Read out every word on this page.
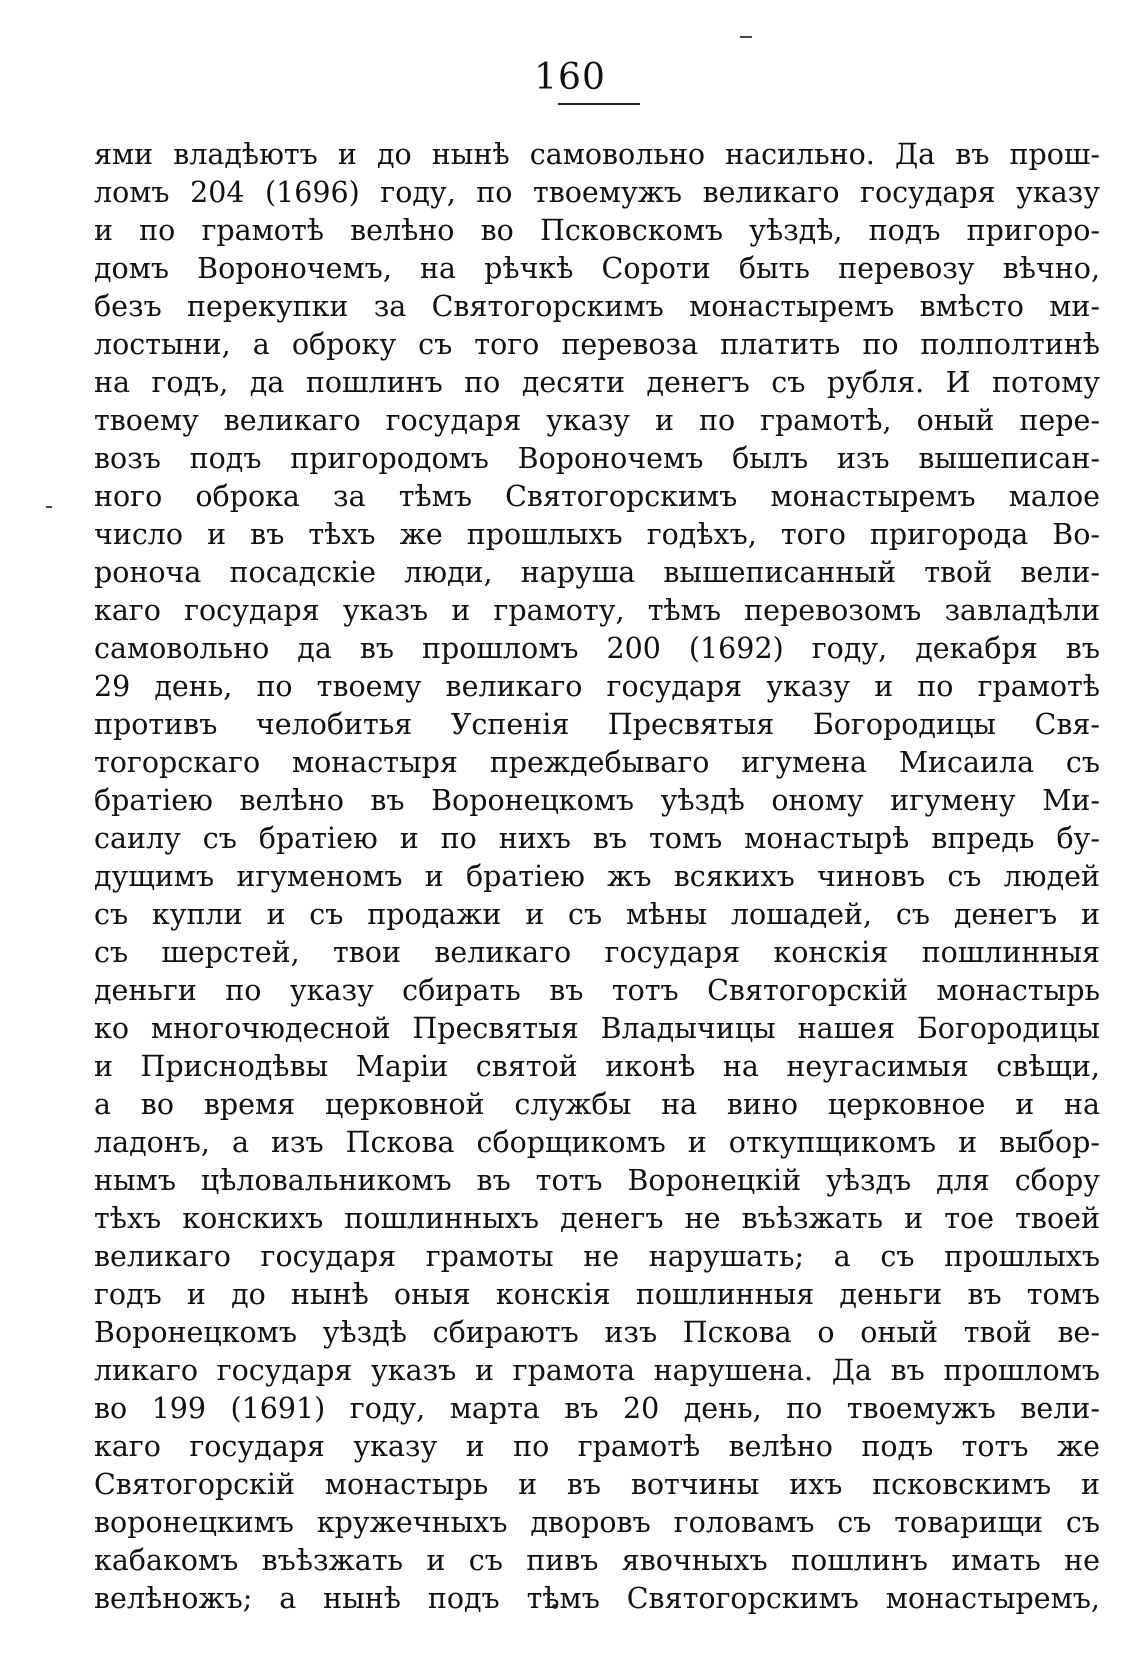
160
ями владѣютъ и до нынѣ самовольно насильно. Да въ прош-
ломъ 204 (1696) году, по твоемужъ великаго государя указу
и по грамотѣ велѣно во Псковскомъ уѣздѣ, подъ пригоро-
домъ Вороночемъ, на рѣчкѣ Сороти быть перевозу вѣчно,
безъ перекупки за Святогорскимъ монастыремъ вмѣсто ми-
лостыни, а оброку съ того перевоза платить по полполтинѣ
на годъ, да пошлинъ по десяти денегъ съ рубля. И потому
твоему великаго государя указу и по грамотѣ, оный пере-
возъ подъ пригородомъ Вороночемъ былъ изъ вышеписан-
ного оброка за тѣмъ Святогорскимъ монастыремъ малое
число и въ тѣхъ же прошлыхъ годѣхъ, того пригорода Во-
роноча посадскіе люди, наруша вышеписанный твой вели-
каго государя указъ и грамоту, тѣмъ перевозомъ завладѣли
самовольно да въ прошломъ 200 (1692) году, декабря въ
29 день, по твоему великаго государя указу и по грамотѣ
противъ челобитья Успенія Пресвятыя Богородицы Свя-
тогорскаго монастыря преждебываго игумена Мисаила съ
братіею велѣно въ Воронецкомъ уѣздѣ оному игумену Ми-
саилу съ братіею и по нихъ въ томъ монастырѣ впредь бу-
дущимъ игуменомъ и братіею жъ всякихъ чиновъ съ людей
съ купли и съ продажи и съ мѣны лошадей, съ денегъ и
съ шерстей, твои великаго государя конскія пошлинныя
деньги по указу сбирать въ тотъ Святогорскій монастырь
ко многочюдесной Пресвятыя Владычицы нашея Богородицы
и Приснодѣвы Маріи святой иконѣ на неугасимыя свѣщи,
а во время церковной службы на вино церковное и на
ладонъ, а изъ Пскова сборщикомъ и откупщикомъ и выбор-
нымъ цѣловальникомъ въ тотъ Воронецкій уѣздъ для сбору
тѣхъ конскихъ пошлинныхъ денегъ не въѣзжать и тое твоей
великаго государя грамоты не нарушать; а съ прошлыхъ
годъ и до нынѣ оныя конскія пошлинныя деньги въ томъ
Воронецкомъ уѣздѣ сбираютъ изъ Пскова о оный твой ве-
ликаго государя указъ и грамота нарушена. Да въ прошломъ
во 199 (1691) году, марта въ 20 день, по твоемужъ вели-
каго государя указу и по грамотѣ велѣно подъ тотъ же
Святогорскій монастырь и въ вотчины ихъ псковскимъ и
воронецкимъ кружечныхъ дворовъ головамъ съ товарищи съ
кабакомъ въѣзжать и съ пивъ явочныхъ пошлинъ имать не
велѣножъ; а нынѣ подъ тѣмъ Святогорскимъ монастыремъ,
